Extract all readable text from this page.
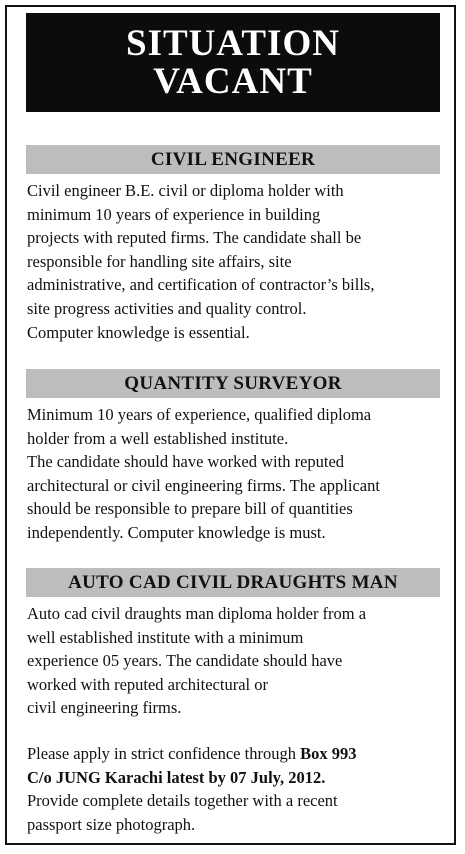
SITUATION
VACANT
CIVIL ENGINEER
Civil engineer B.E. civil or diploma holder with
minimum 10 years of experience in building
projects with reputed firms. The candidate shall be
responsible for handling site affairs, site
administrative, and certification of contractor’s bills,
site progress activities and quality control.
Computer knowledge is essential.
QUANTITY SURVEYOR
Minimum 10 years of experience, qualified diploma
holder from a well established institute.
The candidate should have worked with reputed
architectural or civil engineering firms. The applicant
should be responsible to prepare bill of quantities
independently. Computer knowledge is must.
AUTO CAD CIVIL DRAUGHTS MAN
Auto cad civil draughts man diploma holder from a
well established institute with a minimum
experience 05 years. The candidate should have
worked with reputed architectural or
civil engineering firms.
Please apply in strict confidence through Box 993
C/o JUNG Karachi latest by 07 July, 2012.
Provide complete details together with a recent
passport size photograph.
